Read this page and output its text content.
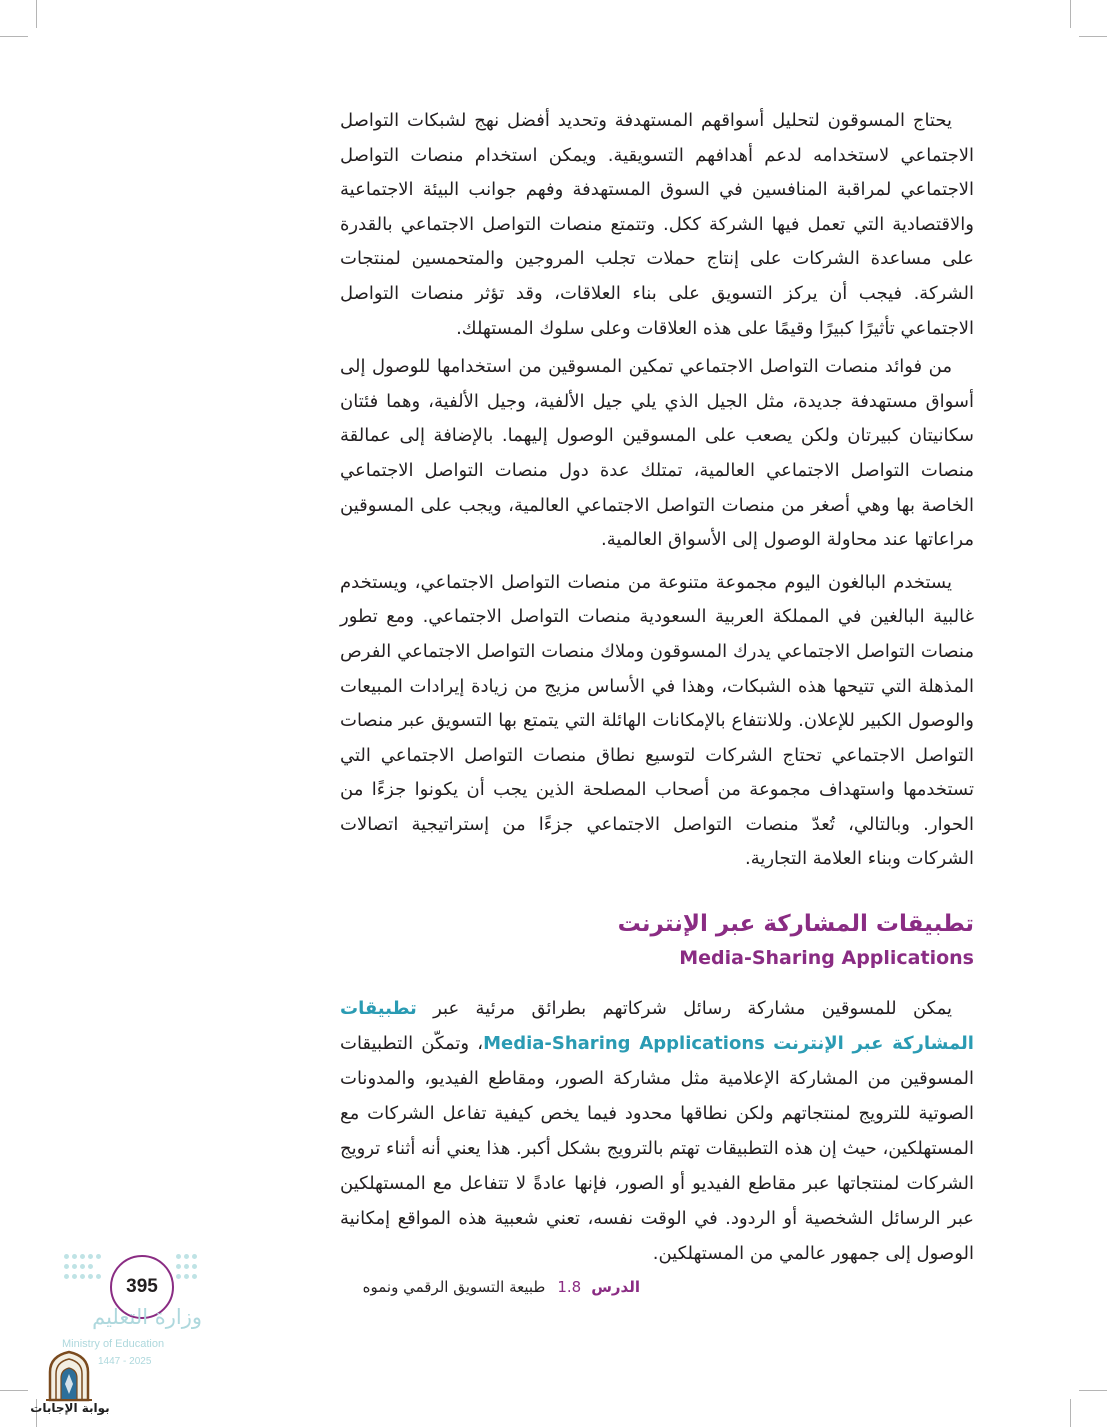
يحتاج المسوقون لتحليل أسواقهم المستهدفة وتحديد أفضل نهج لشبكات التواصل الاجتماعي لاستخدامه لدعم أهدافهم التسويقية. ويمكن استخدام منصات التواصل الاجتماعي لمراقبة المنافسين في السوق المستهدفة وفهم جوانب البيئة الاجتماعية والاقتصادية التي تعمل فيها الشركة ككل. وتتمتع منصات التواصل الاجتماعي بالقدرة على مساعدة الشركات على إنتاج حملات تجلب المروجين والمتحمسين لمنتجات الشركة. فيجب أن يركز التسويق على بناء العلاقات، وقد تؤثر منصات التواصل الاجتماعي تأثيرًا كبيرًا وقيمًا على هذه العلاقات وعلى سلوك المستهلك.

من فوائد منصات التواصل الاجتماعي تمكين المسوقين من استخدامها للوصول إلى أسواق مستهدفة جديدة، مثل الجيل الذي يلي جيل الألفية، وجيل الألفية، وهما فئتان سكانيتان كبيرتان ولكن يصعب على المسوقين الوصول إليهما. بالإضافة إلى عمالقة منصات التواصل الاجتماعي العالمية، تمتلك عدة دول منصات التواصل الاجتماعي الخاصة بها وهي أصغر من منصات التواصل الاجتماعي العالمية، ويجب على المسوقين مراعاتها عند محاولة الوصول إلى الأسواق العالمية.

يستخدم البالغون اليوم مجموعة متنوعة من منصات التواصل الاجتماعي، ويستخدم غالبية البالغين في المملكة العربية السعودية منصات التواصل الاجتماعي. ومع تطور منصات التواصل الاجتماعي يدرك المسوقون وملاك منصات التواصل الاجتماعي الفرص المذهلة التي تتيحها هذه الشبكات، وهذا في الأساس مزيج من زيادة إيرادات المبيعات والوصول الكبير للإعلان. وللانتفاع بالإمكانات الهائلة التي يتمتع بها التسويق عبر منصات التواصل الاجتماعي تحتاج الشركات لتوسيع نطاق منصات التواصل الاجتماعي التي تستخدمها واستهداف مجموعة من أصحاب المصلحة الذين يجب أن يكونوا جزءًا من الحوار. وبالتالي، تُعدّ منصات التواصل الاجتماعي جزءًا من إستراتيجية اتصالات الشركات وبناء العلامة التجارية.

تطبيقات المشاركة عبر الإنترنت
Media-Sharing Applications

يمكن للمسوقين مشاركة رسائل شركاتهم بطرائق مرئية عبر تطبيقات المشاركة عبر الإنترنت Media-Sharing Applications، وتمكّن التطبيقات المسوقين من المشاركة الإعلامية مثل مشاركة الصور، ومقاطع الفيديو، والمدونات الصوتية للترويج لمنتجاتهم ولكن نطاقها محدود فيما يخص كيفية تفاعل الشركات مع المستهلكين، حيث إن هذه التطبيقات تهتم بالترويج بشكل أكبر. هذا يعني أنه أثناء ترويج الشركات لمنتجاتها عبر مقاطع الفيديو أو الصور، فإنها عادةً لا تتفاعل مع المستهلكين عبر الرسائل الشخصية أو الردود. في الوقت نفسه، تعني شعبية هذه المواقع إمكانية الوصول إلى جمهور عالمي من المستهلكين.

الدرس1.8طبيعة التسويق الرقمي ونموه
395
وزارة التعليم
Ministry of Education
2025 - 1447
بوابة الإجابات
